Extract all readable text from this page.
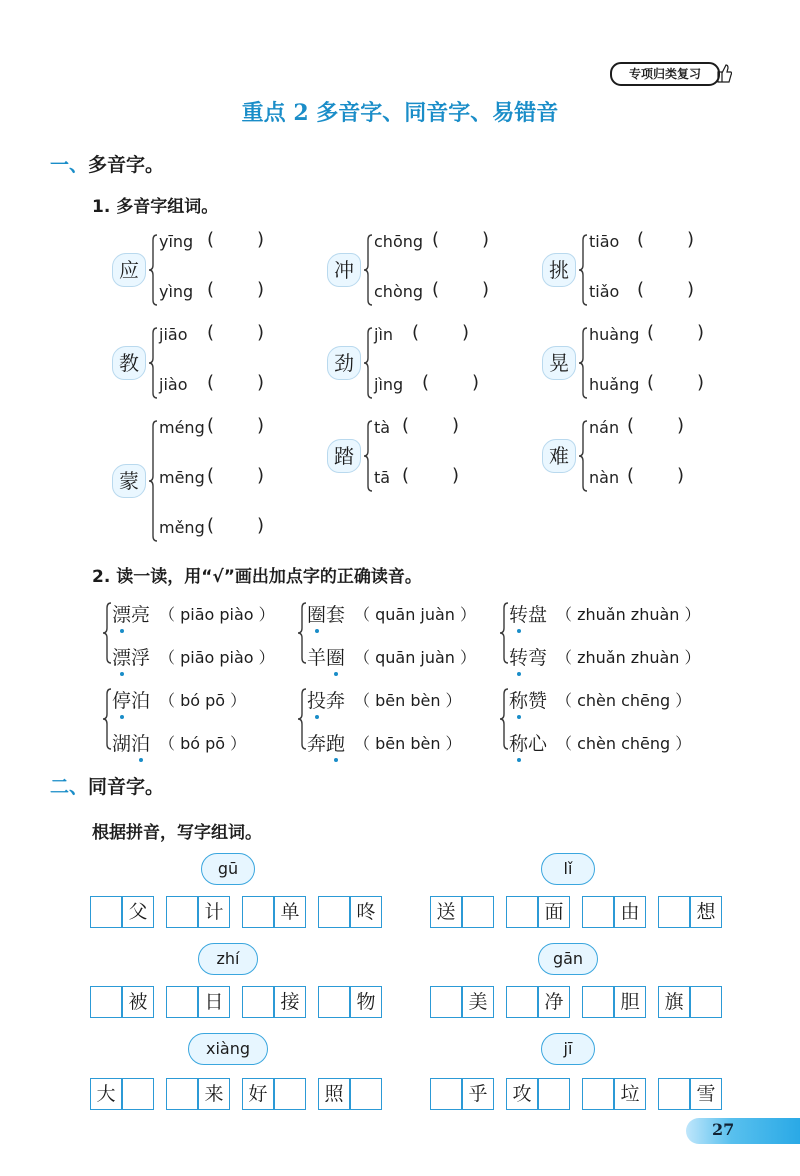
专项归类复习
重点 2 多音字、同音字、易错音
一、多音字。
1. 多音字组词。
应
yīng ( )
yìng ( )
冲
chōng ( )
chòng ( )
挑
tiāo ( )
tiǎo ( )
教
jiāo ( )
jiào ( )
劲
jìn ( )
jìng ( )
晃
huàng ( )
huǎng ( )
蒙
méng ( )
mēng ( )
měng ( )
踏
tà ( )
tā ( )
难
nán ( )
nàn ( )
2. 读一读，用“√”画出加点字的正确读音。
漂亮 （ piāo piào ）
漂浮 （ piāo piào ）
圈套 （ quān juàn ）
羊圈 （ quān juàn ）
转盘 （ zhuǎn zhuàn ）
转弯 （ zhuǎn zhuàn ）
停泊 （ bó pō ）
湖泊 （ bó pō ）
投奔 （ bēn bèn ）
奔跑 （ bēn bèn ）
称赞 （ chèn chēng ）
称心 （ chèn chēng ）
二、同音字。
根据拼音，写字组词。
gū
父	计	单	咚
lǐ
送	面	由	想
zhí
被	日	接	物
gān
美	净	胆	旗
xiàng
大	来	好	照
jī
乎	攻	垃	雪
27
